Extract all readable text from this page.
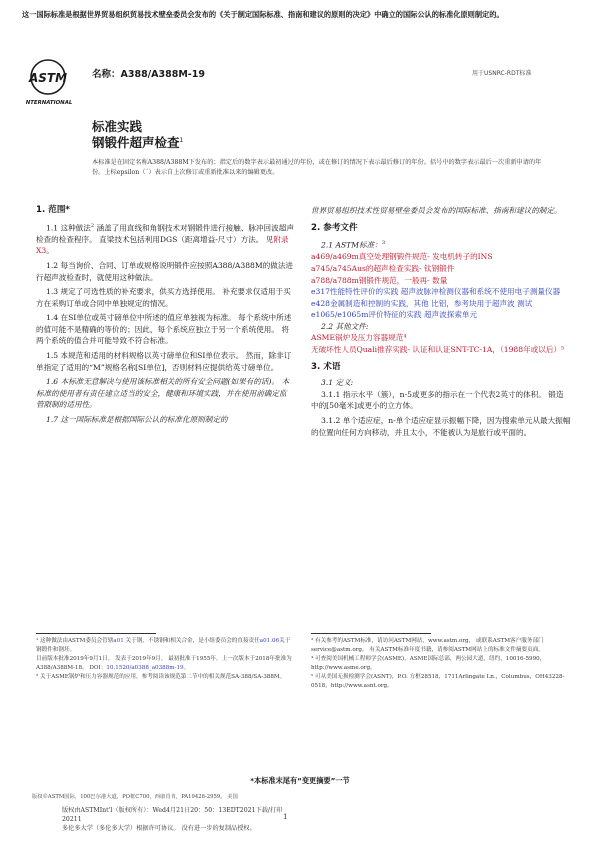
这一国际标准是根据世界贸易组织贸易技术壁垒委员会发布的《关于制定国际标准、指南和建议的原则的决定》中确立的国际公认的标准化原则制定的。
ASTM
INTERNATIONAL
名称：A388/A388M-19	用于USNRC-RDT标准
标准实践
钢锻件超声检查$^1$
本标准是在固定名称A388/A388M下发布的；指定后的数字表示最初通过的年份，或在修订的情况下表示最后修订的年份。括号中的数字表示最后一次重新申请的年份。上标epsilon（´）表示自上次修订或重新批准以来的编辑更改。
1. 范围*

1.1 这种做法$^2$ 涵盖了用直线和角钢技术对钢锻件进行接触、脉冲回波超声检查的检查程序。 直梁技术包括利用DGS（距离增益-尺寸）方法。 见附录X3。

1.2 每当询价、合同、订单或规格说明锻件应按照A388/A388M的做法进行超声波检查时，就使用这种做法。

1.3 规定了可选性质的补充要求，供买方选择使用。 补充要求仅适用于买方在采购订单或合同中单独规定的情况。

1.4 在SI单位或英寸磅单位中所述的值应单独视为标准。 每个系统中所述的值可能不是精确的等价的；因此，每个系统应独立于另一个系统使用。 将两个系统的值合并可能导致不符合标准。

1.5 本规范和适用的材料规格以英寸磅单位和SI单位表示。 然而，除非订单指定了适用的“M”规格名称[SI单位]，否则材料应提供给英寸磅单位。

1.6 本标准无意解决与使用该标准相关的所有安全问题(如果有的话)。 本标准的使用者有责任建立适当的安全，健康和环境实践，并在使用前确定监管限制的适用性。

1.7 这一国际标准是根据国际公认的标准化原则制定的

¹ 这种做法由ASTM委员会管辖a01 关于钢，不锈钢和相关合金，是小组委员会的直接责任a01.06关于钢锻件和钢坯。

目前版本批准2019年9月1日。 发表于2019年9月。 最初批准于1955年。上一次版本于2018年批准为A388/A388M-18。 DOI：10.1520/a0388_a0388m-19。

² 关于ASME锅炉和压力容器规范的应用，参考阅读该规范第二节中的相关规范SA-388/SA-388M。

世界贸易组织技术性贸易壁垒委员会发布的国际标准、指南和建议的制定。

2. 参考文件

2.1 ASTM标准：$^3$

a469/a469m真空处理钢锻件规范- 发电机转子的INS

a745/a745Aus的超声检查实践- 钛钢锻件

a788/a788m钢锻件规范，一般再- 数量

e317性能特性评价的实践 超声波脉冲检测仪器和系统不使用电子测量仪器

e428金属制造和控制的实践，其他 比铝，参考块用于超声波 测试

e1065/e1065m评价特征的实践 超声波探索单元

2.2 其他文件:

ASME锅炉及压力容器规范⁴

无破坏性人员Quali推荐实践- 认证和认证SNT-TC-1A，（1988年或以后）⁵

3. 术语

3.1 定义:

3.1.1 指示水平（簇），n-5或更多的指示在一个代表2英寸的体积。 锻造中的[50毫米]或更小的立方体。

3.1.2 单个适应症，n-单个适应症显示振幅下降，因为搜索单元从最大振幅的位置向任何方向移动，并且太小，不能被认为是旅行或平面的。

³ 有关参考的ASTM标准，请访问ASTM网站，www.astm.org， 或联系ASTM客户服务部门service@astm.org。 有关ASTM标准年度书籍，请参阅ASTM网站上的标准文件摘要页面。

⁴ 可查阅美国机械工程师学会(ASME)，ASME国际总部，两公园大道，纽约，10016-5990，http://www.asme.org。

⁵ 可从美国无损检测学会(ASNT)，P.O. 方框28518，1711Arlingate Ln.，Columbus，OH43228-0518，http://www.asnt.org。

*本标准末尾有“变更摘要”一节
版权©ASTM国际，100巴尔港大道，PO框C700，西康肖肯，PA19428-2959。 美国
版权由ASTMInt'l（版权所有）：Wed4月21日20：50：13EDT2021下载/打印
20211
多伦多大学（多伦多大学）根据许可协议。 没有进一步的复制品授权。
1
